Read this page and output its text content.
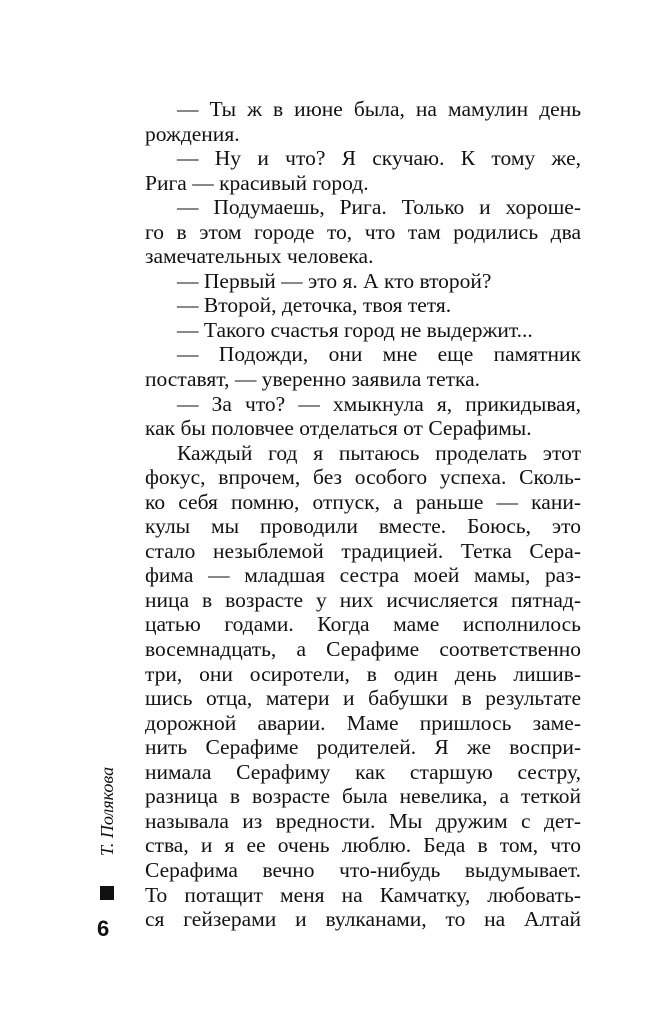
— Ты ж в июне была, на мамулин день
рождения.
— Ну и что? Я скучаю. К тому же,
Рига — красивый город.
— Подумаешь, Рига. Только и хороше-
го в этом городе то, что там родились два
замечательных человека.
— Первый — это я. А кто второй?
— Второй, деточка, твоя тетя.
— Такого счастья город не выдержит...
— Подожди, они мне еще памятник
поставят, — уверенно заявила тетка.
— За что? — хмыкнула я, прикидывая,
как бы половчее отделаться от Серафимы.
Каждый год я пытаюсь проделать этот
фокус, впрочем, без особого успеха. Сколь-
ко себя помню, отпуск, а раньше — кани-
кулы мы проводили вместе. Боюсь, это
стало незыблемой традицией. Тетка Сера-
фима — младшая сестра моей мамы, раз-
ница в возрасте у них исчисляется пятнад-
цатью годами. Когда маме исполнилось
восемнадцать, а Серафиме соответственно
три, они осиротели, в один день лишив-
шись отца, матери и бабушки в результате
дорожной аварии. Маме пришлось заме-
нить Серафиме родителей. Я же воспри-
нимала Серафиму как старшую сестру,
разница в возрасте была невелика, а теткой
называла из вредности. Мы дружим с дет-
ства, и я ее очень люблю. Беда в том, что
Серафима вечно что-нибудь выдумывает.
То потащит меня на Камчатку, любовать-
ся гейзерами и вулканами, то на Алтай
Т. Полякова
6
